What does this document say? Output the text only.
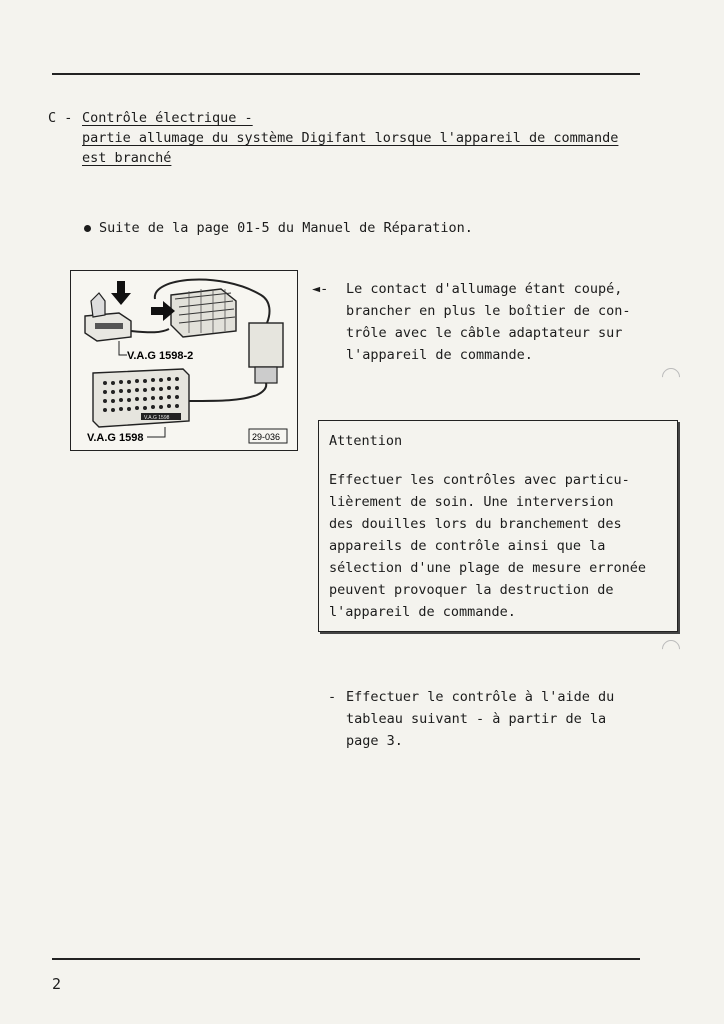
C - Contrôle électrique -
partie allumage du système Digifant lorsque l'appareil de commande
est branché
Suite de la page 01-5 du Manuel de Réparation.
V.A.G 1598-2
V.A.G 1598
V.A.G 1598	29-036
◄- Le contact d'allumage étant coupé,
brancher en plus le boîtier de con-
trôle avec le câble adaptateur sur
l'appareil de commande.
Attention
Effectuer les contrôles avec particu-
lièrement de soin. Une interversion
des douilles lors du branchement des
appareils de contrôle ainsi que la
sélection d'une plage de mesure erronée
peuvent provoquer la destruction de
l'appareil de commande.
- Effectuer le contrôle à l'aide du
tableau suivant - à partir de la
page 3.
2
